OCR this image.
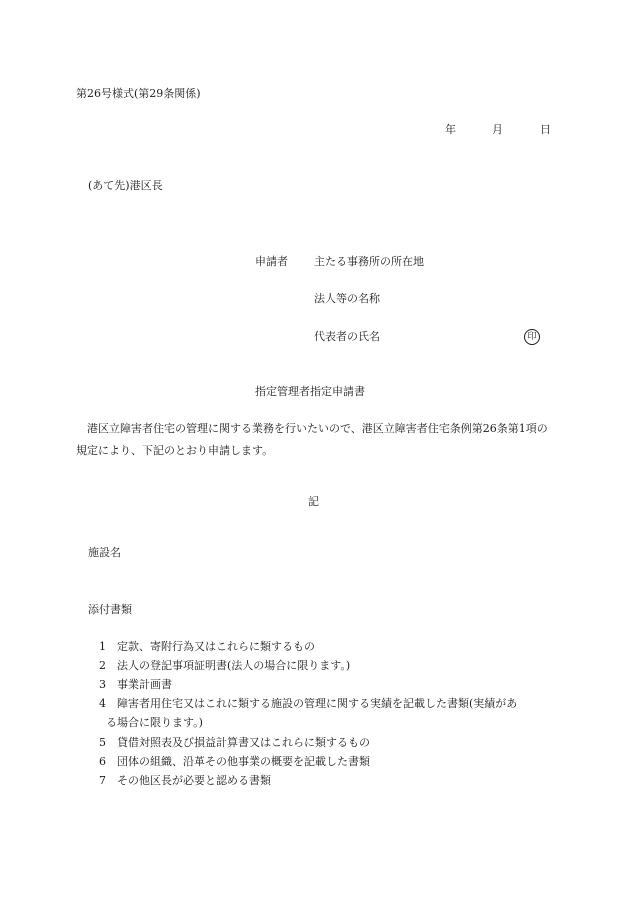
第26号様式(第29条関係)
年	月	日
(あて先)港区長
申請者 主たる事務所の所在地
法人等の名称
代表者の氏名	印
指定管理者指定申請書
港区立障害者住宅の管理に関する業務を行いたいので、港区立障害者住宅条例第26条第1項の規定により、下記のとおり申請します。
記
施設名
添付書類
1 定款、寄附行為又はこれらに類するもの
2 法人の登記事項証明書(法人の場合に限ります。)
3 事業計画書
4 障害者用住宅又はこれに類する施設の管理に関する実績を記載した書類(実績があ
る場合に限ります。)
5 貸借対照表及び損益計算書又はこれらに類するもの
6 団体の組織、沿革その他事業の概要を記載した書類
7 その他区長が必要と認める書類
